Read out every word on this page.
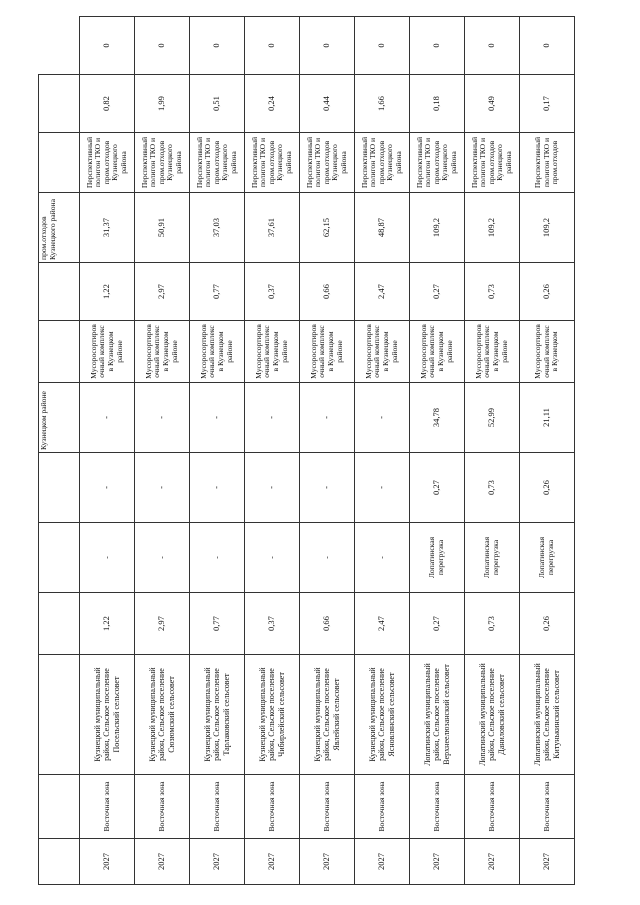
						Кузнецком районе			пром.отходов Кузнецкого района			
2027	Восточная зона	Кузнецкий муниципальный район, Сельское поселение Посельский сельсовет	1,22	-	-	-	Мусоросортировочный комплекс в Кузнецком районе	1,22	31,37	Перспективный полигон ТКО и пром.отходов Кузнецкого района	0,82	0
2027	Восточная зона	Кузнецкий муниципальный район, Сельское поселение Сюзюмский сельсовет	2,97	-	-	-	Мусоросортировочный комплекс в Кузнецком районе	2,97	50,91	Перспективный полигон ТКО и пром.отходов Кузнецкого района	1,99	0
2027	Восточная зона	Кузнецкий муниципальный район, Сельское поселение Тарлаковский сельсовет	0,77	-	-	-	Мусоросортировочный комплекс в Кузнецком районе	0,77	37,03	Перспективный полигон ТКО и пром.отходов Кузнецкого района	0,51	0
2027	Восточная зона	Кузнецкий муниципальный район, Сельское поселение Чибирлейский сельсовет	0,37	-	-	-	Мусоросортировочный комплекс в Кузнецком районе	0,37	37,61	Перспективный полигон ТКО и пром.отходов Кузнецкого района	0,24	0
2027	Восточная зона	Кузнецкий муниципальный район, Сельское поселение Явлейский сельсовет	0,66	-	-	-	Мусоросортировочный комплекс в Кузнецком районе	0,66	62,15	Перспективный полигон ТКО и пром.отходов Кузнецкого района	0,44	0
2027	Восточная зона	Кузнецкий муниципальный район, Сельское поселение Ясновлянский сельсовет	2,47	-	-	-	Мусоросортировочный комплекс в Кузнецком районе	2,47	48,87	Перспективный полигон ТКО и пром.отходов Кузнецкого района	1,66	0
2027	Восточная зона	Лопатинский муниципальный район, Сельское поселение Верхнеелюзанский сельсовет	0,27	Лопатинская перегрузка	0,27	34,78	Мусоросортировочный комплекс в Кузнецком районе	0,27	109,2	Перспективный полигон ТКО и пром.отходов Кузнецкого района	0,18	0
2027	Восточная зона	Лопатинский муниципальный район, Сельское поселение Даниловский сельсовет	0,73	Лопатинская перегрузка	0,73	52,99	Мусоросортировочный комплекс в Кузнецком районе	0,73	109,2	Перспективный полигон ТКО и пром.отходов Кузнецкого района	0,49	0
2027	Восточная зона	Лопатинский муниципальный район, Сельское поселение Китунькинский сельсовет	0,26	Лопатинская перегрузка	0,26	21,11	Мусоросортировочный комплекс в Кузнецком	0,26	109,2	Перспективный полигон ТКО и пром.отходов	0,17	0
